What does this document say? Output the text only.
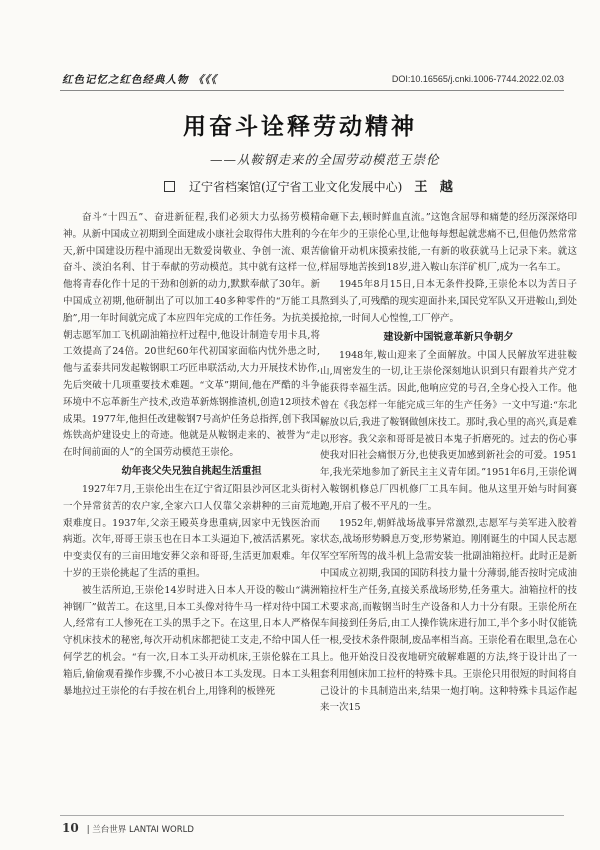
红色记忆之红色经典人物 《《《	DOI:10.16565/j.cnki.1006-7744.2022.02.03
用奋斗诠释劳动精神
——从鞍钢走来的全国劳动模范王崇伦
辽宁省档案馆(辽宁省工业文化发展中心) 王 越

奋斗“十四五”、奋进新征程,我们必须大力弘扬劳模精神。从新中国成立初期到全面建成小康社会取得伟大胜利的今天,新中国建设历程中涌现出无数爱岗敬业、争创一流、艰苦奋斗、淡泊名利、甘于奉献的劳动模范。其中就有这样一位,他将青春化作十足的干劲和创新的动力,默默奉献了30年。新中国成立初期,他研制出了可以加工40多种零件的“万能工具胎”,用一年时间就完成了本应四年完成的工作任务。为抗美援朝志愿军加工飞机副油箱拉杆过程中,他设计制造专用卡具,将工效提高了24倍。20世纪60年代初国家面临内忧外患之时,他与孟泰共同发起鞍钢职工巧匠串联活动,大力开展技术协作,先后突破十几项重要技术难题。“文革”期间,他在严酷的斗争环境中不忘革新生产技术,改造革新炼钢推渣机,创造12项技术成果。1977年,他担任改建鞍钢7号高炉任务总指挥,创下我国炼铁高炉建设史上的奇迹。他就是从鞍钢走来的、被誉为“走在时间前面的人”的全国劳动模范王崇伦。

幼年丧父失兄独自挑起生活重担

1927年7月,王崇伦出生在辽宁省辽阳县沙河区北头街村一个异常贫苦的农户家,全家六口人仅靠父亲耕种的三亩荒地艰难度日。1937年,父亲王殿英身患重病,因家中无钱医治而病逝。次年,哥哥王崇玉也在日本工头逼迫下,被活活累死。家中变卖仅有的三亩田地安葬父亲和哥哥,生活更加艰难。年仅十岁的王崇伦挑起了生活的重担。

被生活所迫,王崇伦14岁时进入日本人开设的鞍山“满洲神钢厂”做苦工。在这里,日本工头像对待牛马一样对待中国工人,经常有工人惨死在工头的黑手之下。在这里,日本人严格保守机床技术的秘密,每次开动机床都把徒工支走,不给中国人任何学艺的机会。“有一次,日本工头开动机床,王崇伦躲在工具箱后,偷偷观看操作步骤,不小心被日本工头发现。日本工头粗暴地拉过王崇伦的右手按在机台上,用锋利的板锉死

命砸下去,顿时鲜血直流。”这饱含屈辱和痛楚的经历深深烙印在年少的王崇伦心里,让他每每想起就悲痛不已,但他仍然常常偷偷开动机床摸索技能,一有新的收获就马上记录下来。就这样屈辱地苦挨到18岁,进入鞍山东洋矿机厂,成为一名车工。

1945年8月15日,日本无条件投降,王崇伦本以为苦日子熬到头了,可残酷的现实迎面扑来,国民党军队又开进鞍山,到处抢掠,一时间人心惶惶,工厂停产。

建设新中国锐意革新只争朝夕

1948年,鞍山迎来了全面解放。中国人民解放军进驻鞍山,周密发生的一切,让王崇伦深刻地认识到只有跟着共产党才能获得幸福生活。因此,他响应党的号召,全身心投入工作。他曾在《我怎样一年能完成三年的生产任务》一文中写道:“东北解放以后,我进了鞍钢做刨床技工。那时,我心里的高兴,真是难以形容。我父亲和哥哥是被日本鬼子折磨死的。过去的伤心事使我对旧社会痛恨万分,也使我更加感到新社会的可爱。1951年,我光荣地参加了新民主主义青年团。”1951年6月,王崇伦调入鞍钢机修总厂四机修厂工具车间。他从这里开始与时间赛跑,开启了极不平凡的一生。

1952年,朝鲜战场战事异常激烈,志愿军与美军进入胶着状态,战场形势瞬息万变,形势紧迫。刚刚诞生的中国人民志愿军空军所驾的战斗机上急需安装一批副油箱拉杆。此时正是新中国成立初期,我国的国防科技力量十分薄弱,能否按时完成油箱拉杆生产任务,直接关系战场形势,任务重大。油箱拉杆的技术要求高,而鞍钢当时生产设备和人力十分有限。王崇伦所在车间接到任务后,由工人操作铣床进行加工,半个多小时仅能铣一根,受技术条件限制,废品率相当高。王崇伦看在眼里,急在心上。他开始没日没夜地研究破解难题的方法,终于设计出了一套利用刨床加工拉杆的特殊卡具。王崇伦只用很短的时间将自己设计的卡具制造出来,结果一炮打响。这种特殊卡具运作起来一次15

10 | 兰台世界 LANTAI WORLD
